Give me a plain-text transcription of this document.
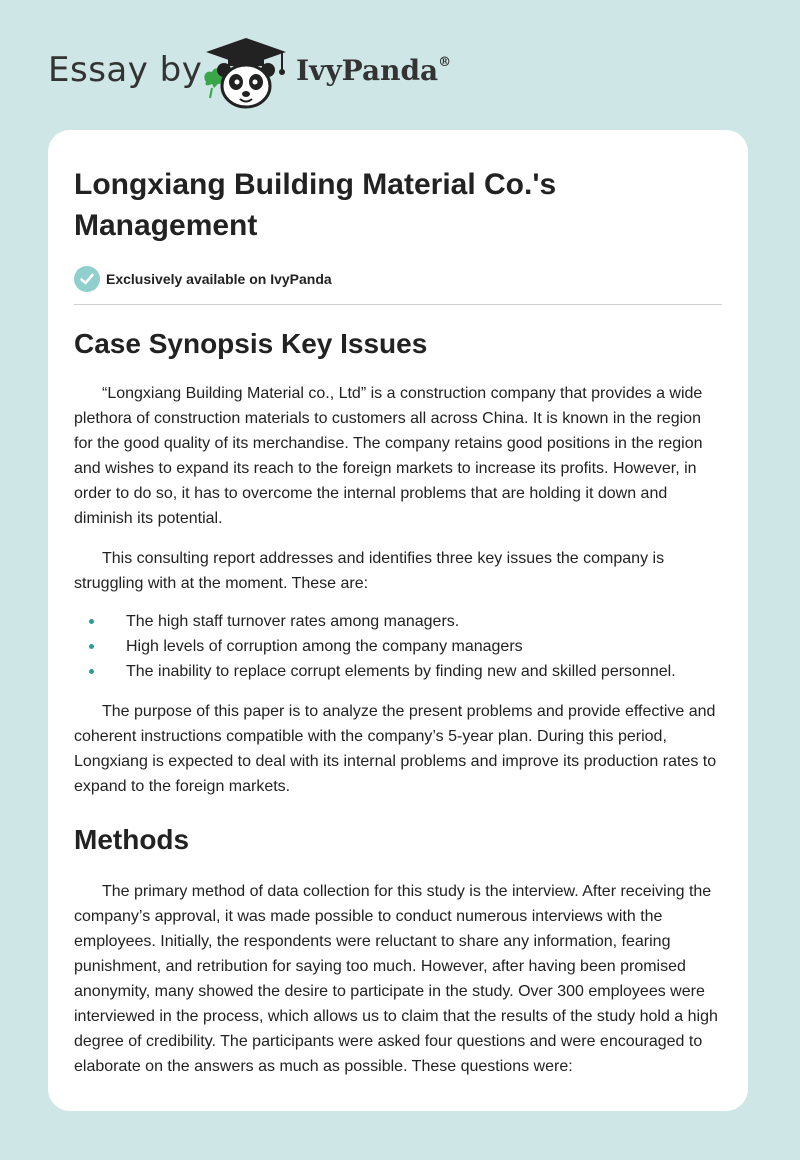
Essay by	IvyPanda®
Longxiang Building Material Co.'s Management
Exclusively available on IvyPanda
Case Synopsis Key Issues

“Longxiang Building Material co., Ltd” is a construction company that provides a wide plethora of construction materials to customers all across China. It is known in the region for the good quality of its merchandise. The company retains good positions in the region and wishes to expand its reach to the foreign markets to increase its profits. However, in order to do so, it has to overcome the internal problems that are holding it down and diminish its potential.

This consulting report addresses and identifies three key issues the company is struggling with at the moment. These are:

The high staff turnover rates among managers.
High levels of corruption among the company managers
The inability to replace corrupt elements by finding new and skilled personnel.

The purpose of this paper is to analyze the present problems and provide effective and coherent instructions compatible with the company’s 5-year plan. During this period, Longxiang is expected to deal with its internal problems and improve its production rates to expand to the foreign markets.

Methods

The primary method of data collection for this study is the interview. After receiving the company’s approval, it was made possible to conduct numerous interviews with the employees. Initially, the respondents were reluctant to share any information, fearing punishment, and retribution for saying too much. However, after having been promised anonymity, many showed the desire to participate in the study. Over 300 employees were interviewed in the process, which allows us to claim that the results of the study hold a high degree of credibility. The participants were asked four questions and were encouraged to elaborate on the answers as much as possible. These questions were:
